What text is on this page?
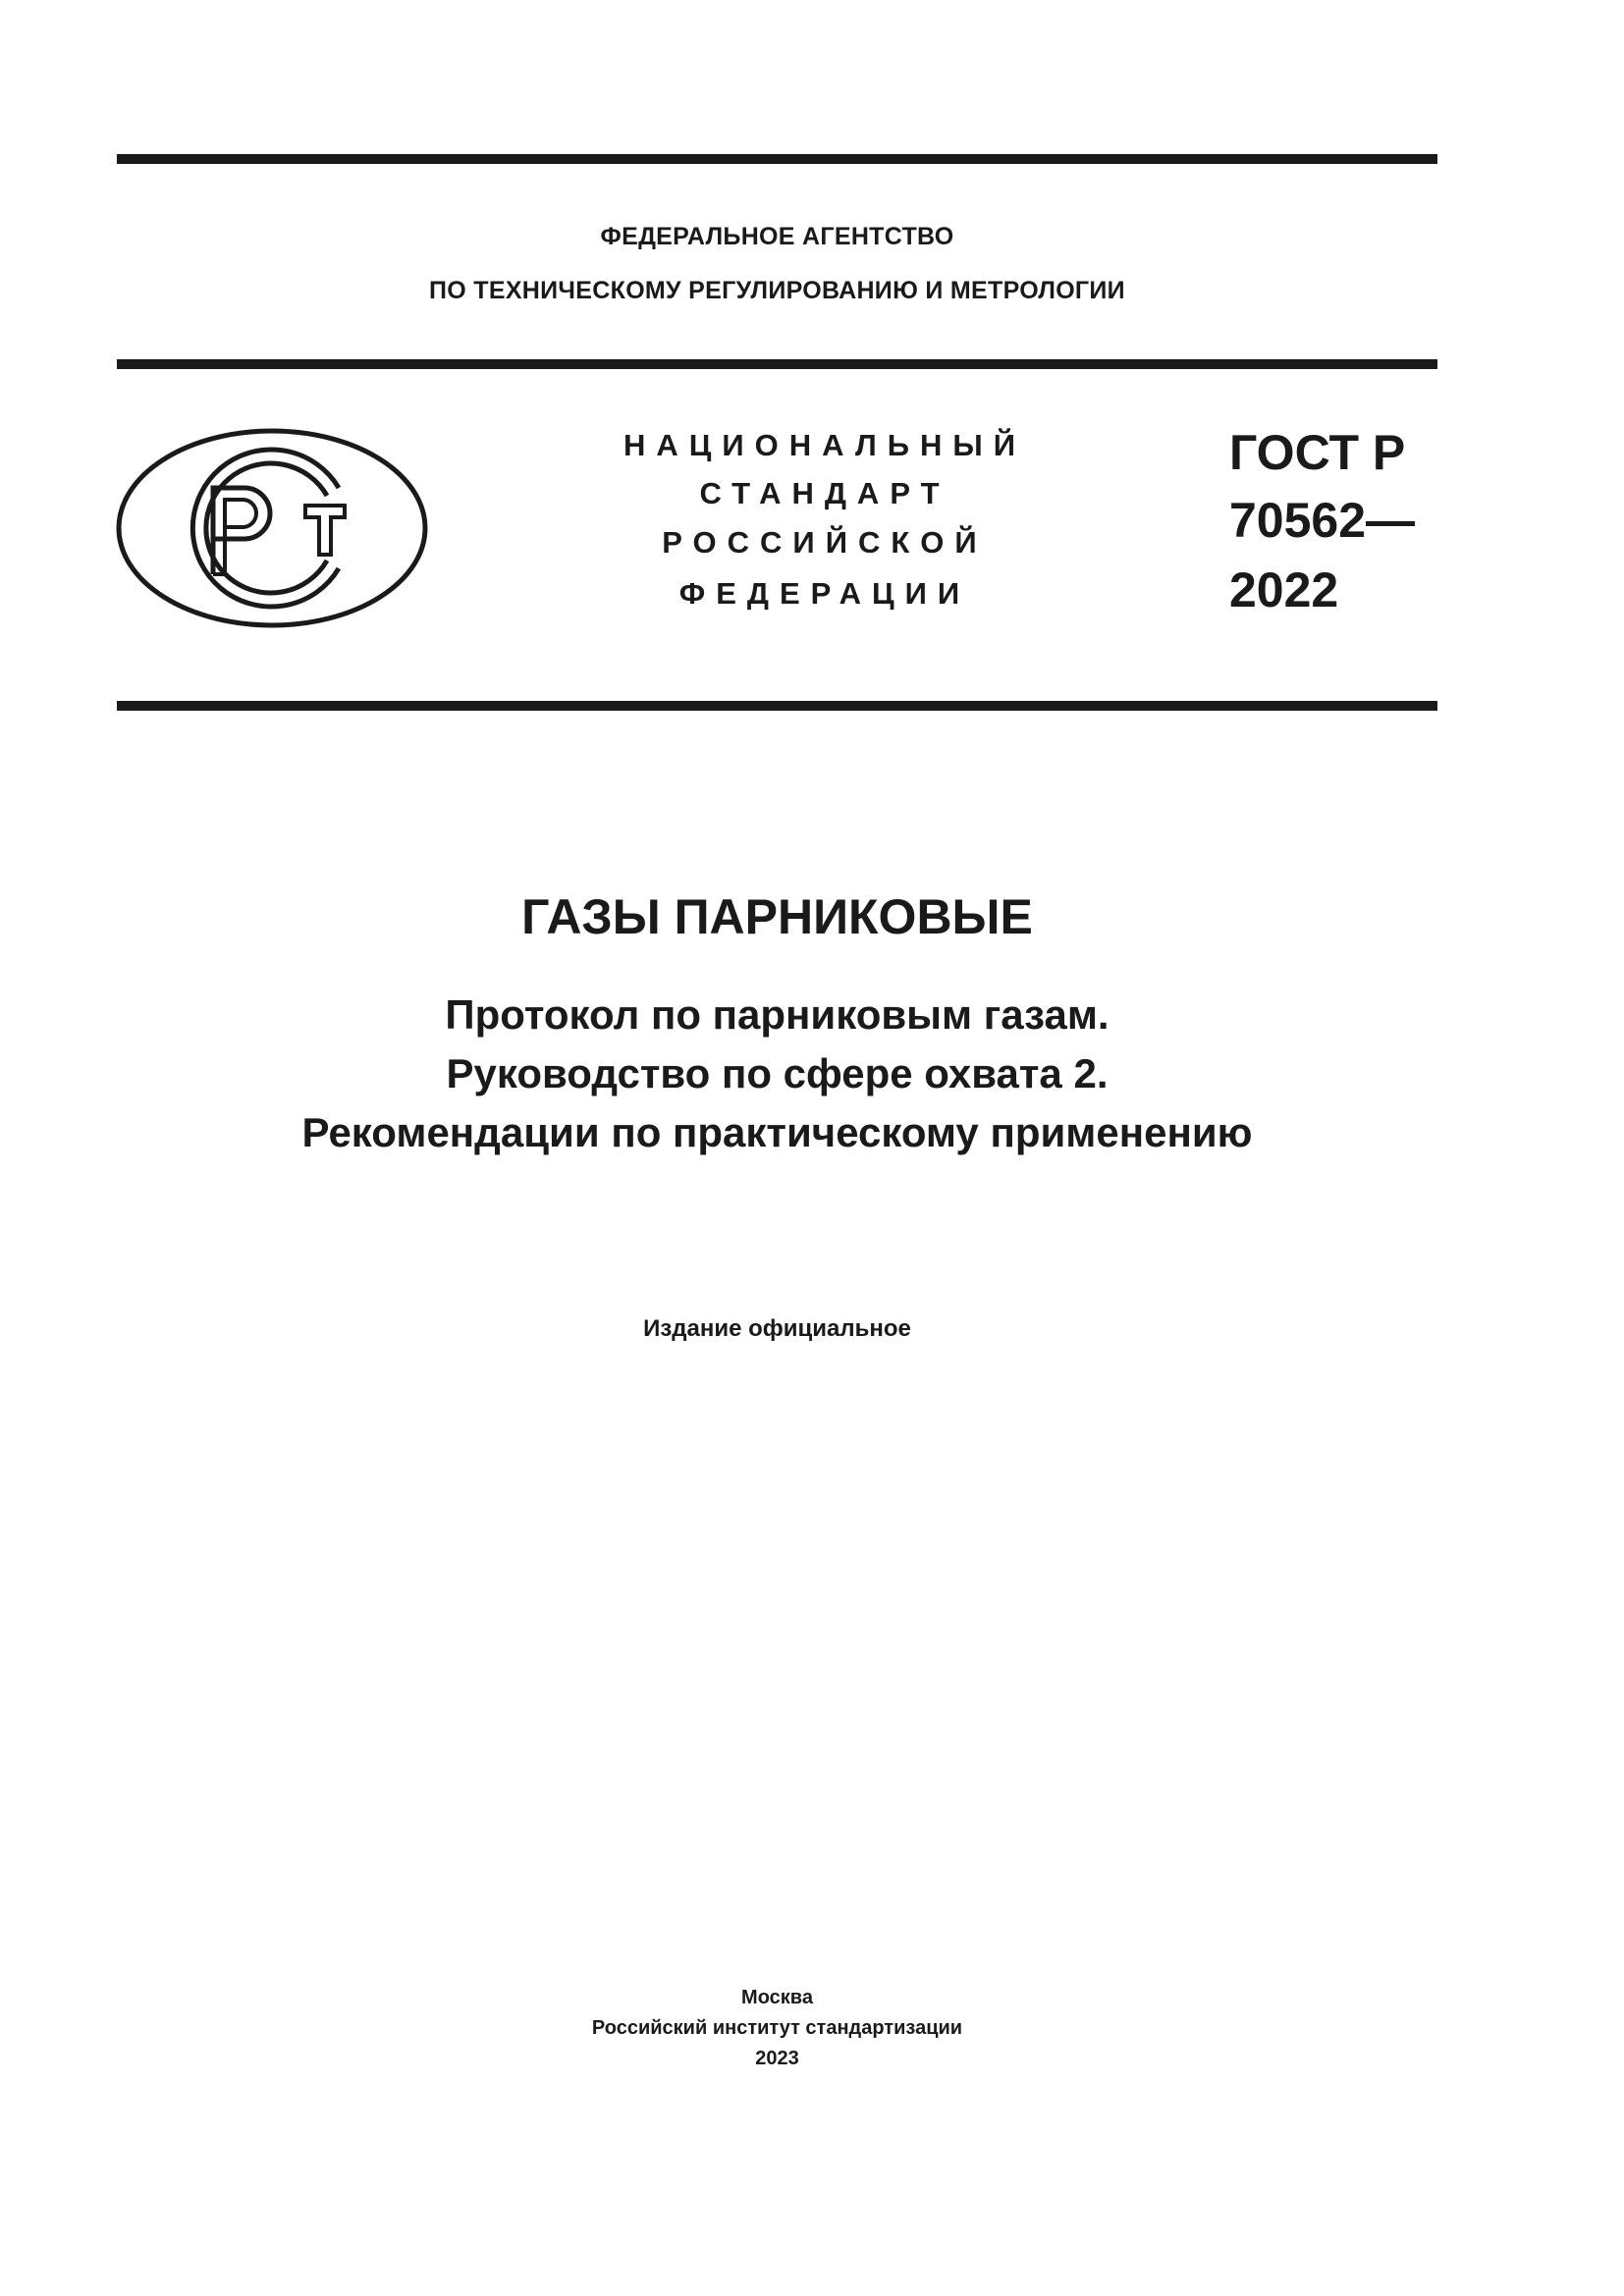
ФЕДЕРАЛЬНОЕ АГЕНТСТВО
ПО ТЕХНИЧЕСКОМУ РЕГУЛИРОВАНИЮ И МЕТРОЛОГИИ
НАЦИОНАЛЬНЫЙ
СТАНДАРТ
РОССИЙСКОЙ
ФЕДЕРАЦИИ
ГОСТ Р
70562—
2022
ГАЗЫ ПАРНИКОВЫЕ
Протокол по парниковым газам.
Руководство по сфере охвата 2.
Рекомендации по практическому применению
Издание официальное
Москва
Российский институт стандартизации
2023
